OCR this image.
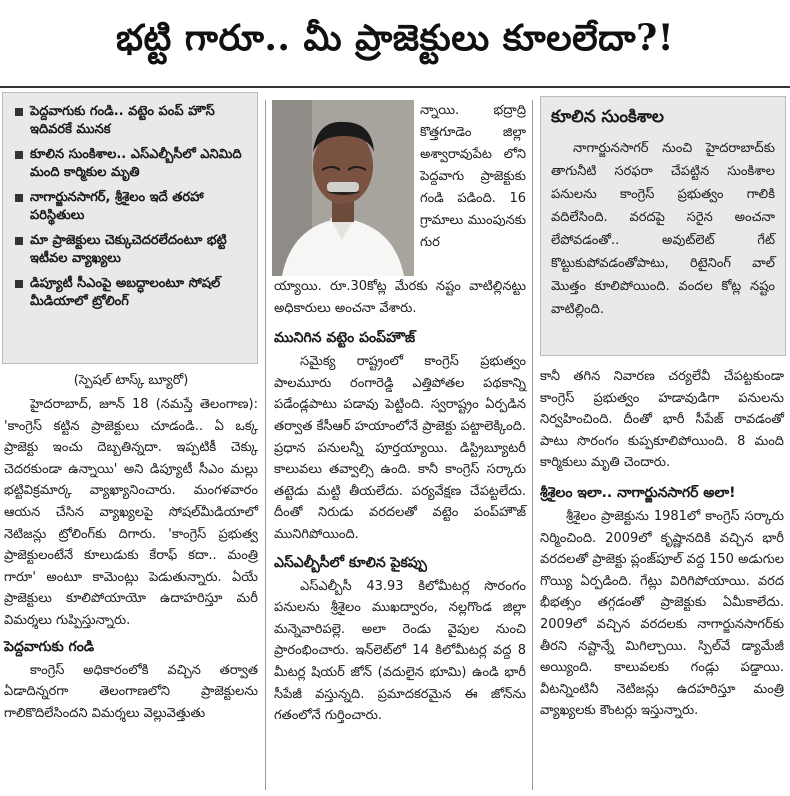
భట్టి గారూ.. మీ ప్రాజెక్టులు కూలలేదా?!
పెద్దవాగుకు గండి.. వట్టెం పంప్ హౌస్ ఇదివరకే మునక
కూలిన సుంకిశాల.. ఎస్ఎల్బీసీలో ఎనిమిది మంది కార్మికుల మృతి
నాగార్జునసాగర్, శ్రీశైలం ఇదే తరహా పరిస్థితులు
మా ప్రాజెక్టులు చెక్కుచెదరలేదంటూ భట్టి ఇటీవల వ్యాఖ్యలు
డిప్యూటీ సీఎంపై అబద్ధాలంటూ సోషల్ మీడియాలో ట్రోలింగ్
(స్పెషల్ టాస్క్ బ్యూరో)

హైదరాబాద్, జూన్ 18 (నమస్తే తెలంగాణ): 'కాంగ్రెస్ కట్టిన ప్రాజెక్టులు చూడండి.. ఏ ఒక్క ప్రాజెక్టు ఇంచు దెబ్బతిన్నదా. ఇప్పటికీ చెక్కు చెదరకుండా ఉన్నాయి' అని డిప్యూటీ సీఎం మల్లు భట్టివిక్రమార్క వ్యాఖ్యానించారు. మంగళవారం ఆయన చేసిన వ్యాఖ్యలపై సోషల్‌మీడియాలో నెటిజన్లు ట్రోలింగ్‌కు దిగారు. 'కాంగ్రెస్ ప్రభుత్వ ప్రాజెక్టులంటేనే కూలుడుకు కేరాఫ్ కదా.. మంత్రి గారూ' అంటూ కామెంట్లు పెడుతున్నారు. ఏయే ప్రాజెక్టులు కూలిపోయాయో ఉదాహరిస్తూ మరీ విమర్శలు గుప్పిస్తున్నారు.

పెద్దవాగుకు గండి

కాంగ్రెస్ అధికారంలోకి వచ్చిన తర్వాత ఏడాదిన్నరగా తెలంగాణలోని ప్రాజెక్టులను గాలికొదిలేసిందని విమర్శలు వెల్లువెత్తుతు

న్నాయి. భద్రాద్రి కొత్తగూడెం జిల్లా అశ్వారావుపేట లోని పెద్దవాగు ప్రాజెక్టుకు గండి పడింది. 16 గ్రామాలు ముంపునకు గుర

య్యాయి. రూ.30కోట్ల మేరకు నష్టం వాటిల్లినట్టు అధికారులు అంచనా వేశారు.

మునిగిన వట్టెం పంప్‌హౌజ్

సమైక్య రాష్ట్రంలో కాంగ్రెస్ ప్రభుత్వం పాలమూరు రంగారెడ్డి ఎత్తిపోతల పథకాన్ని పడేండ్లపాటు పడావు పెట్టింది. స్వరాష్ట్రం ఏర్పడిన తర్వాత కేసీఆర్ హయాంలోనే ప్రాజెక్టు పట్టాలెక్కింది. ప్రధాన పనులన్నీ పూర్తయ్యాయి. డిస్ట్రిబ్యూటరీ కాలువలు తవ్వాల్సి ఉంది. కానీ కాంగ్రెస్ సర్కారు తట్టెడు మట్టి తీయలేదు. పర్యవేక్షణ చేపట్టలేదు. దీంతో నిరుడు వరదలతో వట్టెం పంప్‌హౌజ్ మునిగిపోయింది.

ఎస్ఎల్బీసీలో కూలిన పైకప్పు

ఎస్ఎల్బీసీ 43.93 కిలోమీటర్ల సొరంగం పనులను శ్రీశైలం ముఖద్వారం, నల్లగొండ జిల్లా మన్నెవారిపల్లె. అలా రెండు వైపుల నుంచి ప్రారంభించారు. ఇన్‌లెట్‌లో 14 కిలోమీటర్ల వద్ద 8 మీటర్ల షియర్ జోన్ (వదులైన భూమి) ఉండి భారీ సీపేజీ వస్తున్నది. ప్రమాదకరమైన ఈ జోన్‌ను గతంలోనే గుర్తించారు.

కూలిన సుంకిశాల

నాగార్జునసాగర్ నుంచి హైదరాబాద్‌కు తాగునీటి సరఫరా చేపట్టిన సుంకిశాల పనులను కాంగ్రెస్ ప్రభుత్వం గాలికి వదిలేసింది. వరదపై సరైన అంచనా లేపోవడంతో.. అవుట్‌లెట్ గేట్ కొట్టుకుపోవడంతోపాటు, రిటైనింగ్ వాల్ మొత్తం కూలిపోయింది. వందల కోట్ల నష్టం వాటిల్లింది.

కానీ తగిన నివారణ చర్యలేవీ చేపట్టకుండా కాంగ్రెస్ ప్రభుత్వం హడావుడిగా పనులను నిర్వహించింది. దీంతో భారీ సీపేజ్ రావడంతో పాటు సొరంగం కుప్పకూలిపోయింది. 8 మంది కార్మికులు మృతి చెందారు.

శ్రీశైలం ఇలా.. నాగార్జునసాగర్ అలా!

శ్రీశైలం ప్రాజెక్టును 1981లో కాంగ్రెస్ సర్కారు నిర్మించింది. 2009లో కృష్ణానదికి వచ్చిన భారీ వరదలతో ప్రాజెక్టు ప్లంజ్‌పూల్ వద్ద 150 అడుగుల గొయ్యి ఏర్పడింది. గేట్లు విరిగిపోయాయి. వరద భీభత్సం తగ్గడంతో ప్రాజెక్టుకు ఏమీకాలేదు. 2009లో వచ్చిన వరదలకు నాగార్జునసాగర్‌కు తీరని నష్టాన్నే మిగిల్చాయి. స్పిల్‌వే డ్యామేజీ అయ్యింది. కాలువలకు గండ్లు పడ్డాయి. వీటన్నింటినీ నెటిజన్లు ఉదహరిస్తూ మంత్రి వ్యాఖ్యలకు కౌంటర్లు ఇస్తున్నారు.
